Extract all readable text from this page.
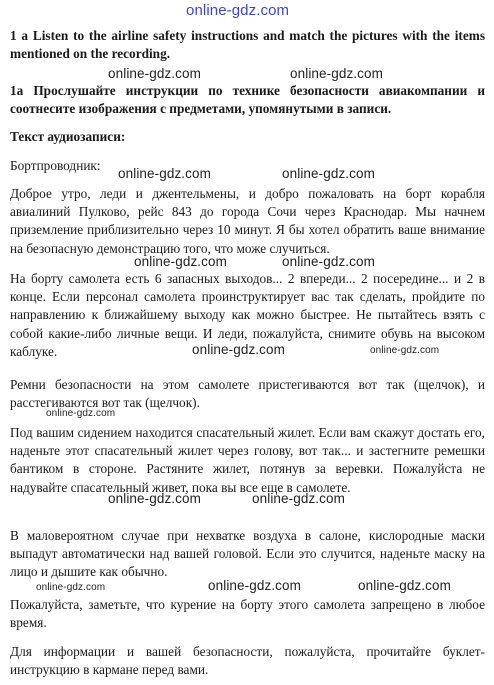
online-gdz.com
1 a Listen to the airline safety instructions and match the pictures with the items mentioned on the recording.
online-gdz.com	online-gdz.com
1a Прослушайте инструкции по технике безопасности авиакомпании и соотнесите изображения с предметами, упомянутыми в записи.
Текст аудиозаписи:
Бортпроводник:
online-gdz.com	online-gdz.com
Доброе утро, леди и джентельмены, и добро пожаловать на борт корабля авиалиний Пулково, рейс 843 до города Сочи через Краснодар. Мы начнем приземление приблизительно через 10 минут. Я бы хотел обратить ваше внимание на безопасную демонстрацию того, что може случиться.
online-gdz.com	online-gdz.com
На борту самолета есть 6 запасных выходов... 2 впереди... 2 посередине... и 2 в конце. Если персонал самолета проинструктирует вас так сделать, пройдите по направлению к ближайшему выходу как можно быстрее. Не пытайтесь взять с собой какие-либо личные вещи. И леди, пожалуйста, снимите обувь на высоком каблуке.	online-gdz.com	online-gdz.com
Ремни безопасности на этом самолете пристегиваются вот так (щелчок), и расстегиваются вот так (щелчок).
online-gdz.com
Под вашим сидением находится спасательный жилет. Если вам скажут достать его, наденьте этот спасательный жилет через голову, вот так... и застегните ремешки бантиком в стороне. Растяните жилет, потянув за веревки. Пожалуйста не надувайте спасательный живет, пока вы все еще в самолете.
online-gdz.com	online-gdz.com
В маловероятном случае при нехватке воздуха в салоне, кислородные маски выпадут автоматически над вашей головой. Если это случится, наденьте маску на лицо и дышите как обычно.
online-gdz.com	online-gdz.com	online-gdz.com
Пожалуйста, заметьте, что курение на борту этого самолета запрещено в любое время.
Для информации и вашей безопасности, пожалуйста, прочитайте буклет-инструкцию в кармане перед вами.
